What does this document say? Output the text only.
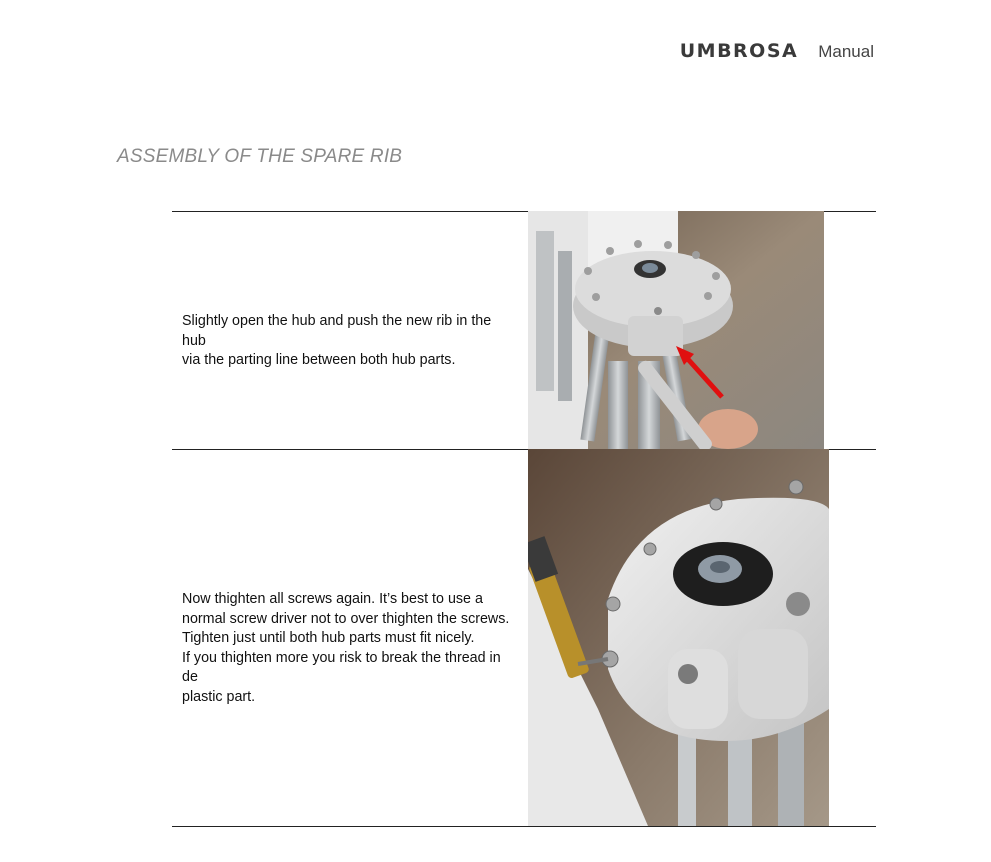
UMBROSA Manual
ASSEMBLY OF THE SPARE RIB
Slightly open the hub and push the new rib in the hub
via the parting line between both hub parts.
Now thighten all screws again. It’s best to use a
normal screw driver not to over thighten the screws.
Tighten just until both hub parts must fit nicely.
If you thighten more you risk to break the thread in de
plastic part.
